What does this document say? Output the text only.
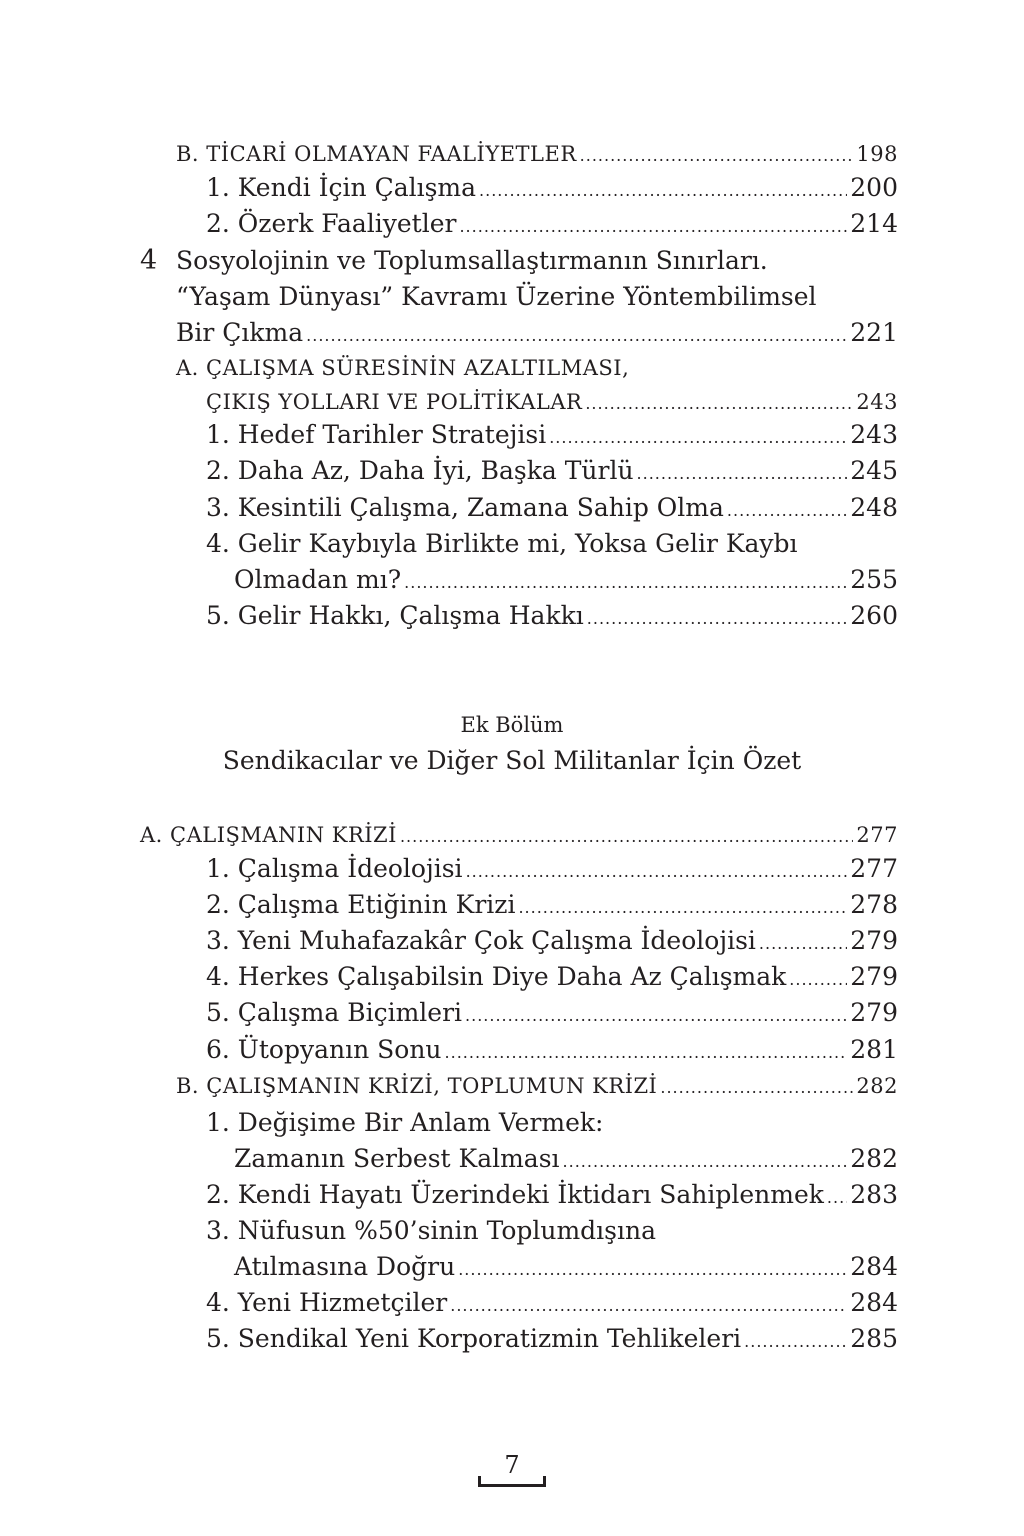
B. TİCARİ OLMAYAN FAALİYETLER .....	198
1. Kendi İçin Çalışma .....	200
2. Özerk Faaliyetler .....	214
4 Sosyolojinin ve Toplumsallaştırmanın Sınırları.
“Yaşam Dünyası” Kavramı Üzerine Yöntembilimsel
Bir Çıkma .....	221
A. ÇALIŞMA SÜRESİNİN AZALTILMASI,
ÇIKIŞ YOLLARI VE POLİTİKALAR .....	243
1. Hedef Tarihler Stratejisi .....	243
2. Daha Az, Daha İyi, Başka Türlü .....	245
3. Kesintili Çalışma, Zamana Sahip Olma .....	248
4. Gelir Kaybıyla Birlikte mi, Yoksa Gelir Kaybı
Olmadan mı? .....	255
5. Gelir Hakkı, Çalışma Hakkı .....	260
Ek Bölüm
Sendikacılar ve Diğer Sol Militanlar İçin Özet
A. ÇALIŞMANIN KRİZİ .....	277
1. Çalışma İdeolojisi .....	277
2. Çalışma Etiğinin Krizi .....	278
3. Yeni Muhafazakâr Çok Çalışma İdeolojisi .....	279
4. Herkes Çalışabilsin Diye Daha Az Çalışmak .....	279
5. Çalışma Biçimleri .....	279
6. Ütopyanın Sonu .....	281
B. ÇALIŞMANIN KRİZİ, TOPLUMUN KRİZİ .....	282
1. Değişime Bir Anlam Vermek:
Zamanın Serbest Kalması .....	282
2. Kendi Hayatı Üzerindeki İktidarı Sahiplenmek ..... 283
3. Nüfusun %50’sinin Toplumdışına
Atılmasına Doğru .....	284
4. Yeni Hizmetçiler .....	284
5. Sendikal Yeni Korporatizmin Tehlikeleri .....	285
7
